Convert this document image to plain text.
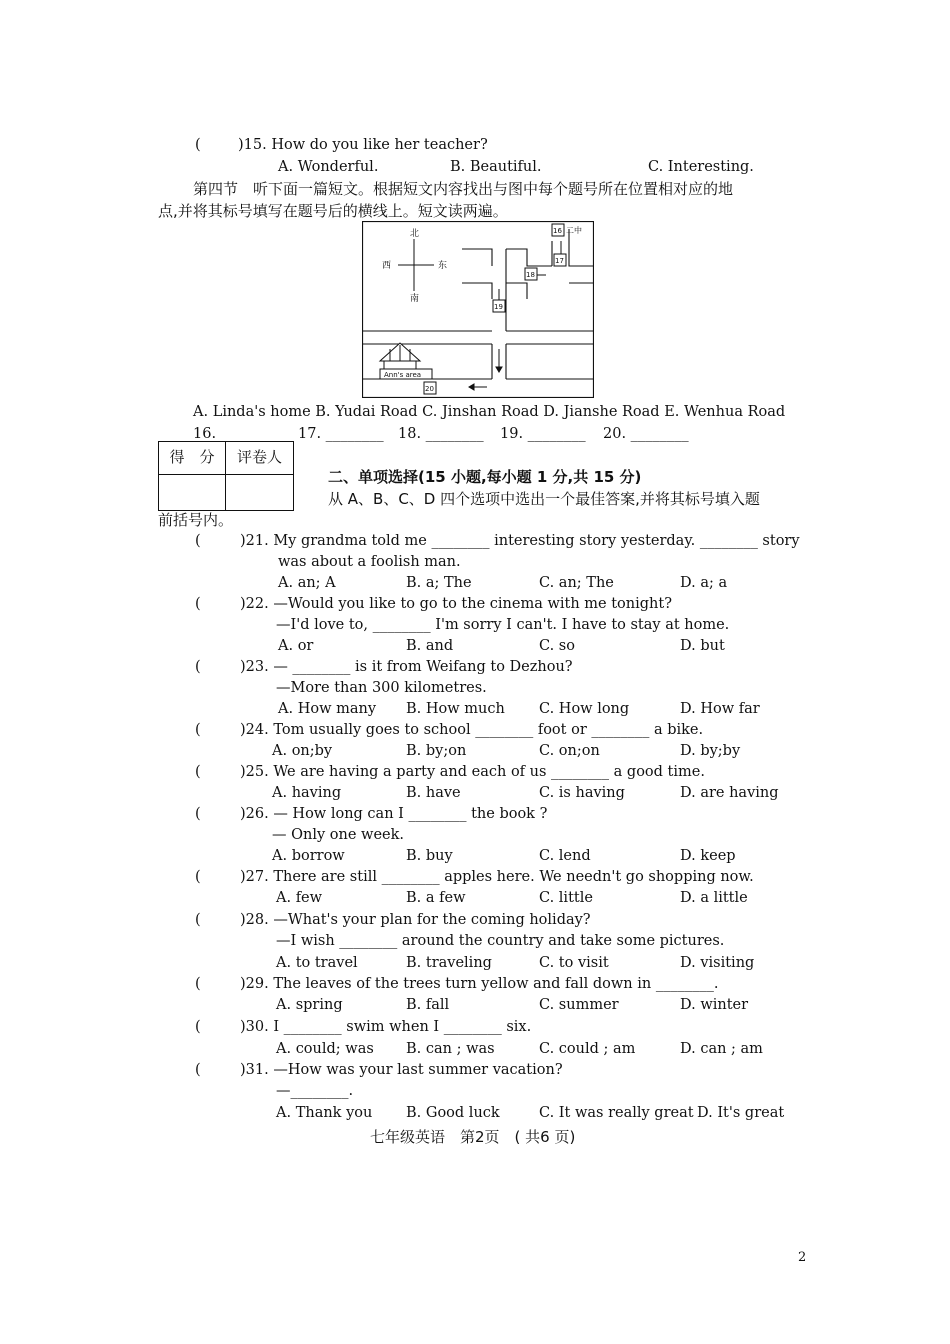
(	)15. How do you like her teacher?
A. Wonderful.	B. Beautiful.	C. Interesting.
第四节　听下面一篇短文。根据短文内容找出与图中每个题号所在位置相对应的地
点,并将其标号填写在题号后的横线上。短文读两遍。
北
南
西	东
Ann's area
16 二中
17
18
19
20
A. Linda's home B. Yudai Road C. Jinshan Road D. Jianshe Road E. Wenhua Road
16. ________ 17. ________ 18. ________ 19. ________ 20. ________
得　分	评卷人
二、单项选择(15 小题,每小题 1 分,共 15 分)
从 A、B、C、D 四个选项中选出一个最佳答案,并将其标号填入题
前括号内。
(	)21. My grandma told me ________ interesting story yesterday. ________ story
was about a foolish man.
A. an; A	B. a; The	C. an; The	D. a; a
(	)22. —Would you like to go to the cinema with me tonight?
—I'd love to, ________ I'm sorry I can't. I have to stay at home.
A. or	B. and	C. so	D. but
(	)23. — ________ is it from Weifang to Dezhou?
—More than 300 kilometres.
A. How many B. How much C. How long	D. How far
(	)24. Tom usually goes to school ________ foot or ________ a bike.
A. on;by	B. by;on	C. on;on	D. by;by
(	)25. We are having a party and each of us ________ a good time.
A. having	B. have	C. is having	D. are having
(	)26. — How long can I ________ the book ?
— Only one week.
A. borrow	B. buy	C. lend	D. keep
(	)27. There are still ________ apples here. We needn't go shopping now.
A. few	B. a few	C. little	D. a little
(	)28. —What's your plan for the coming holiday?
—I wish ________ around the country and take some pictures.
A. to travel	B. traveling	C. to visit	D. visiting
(	)29. The leaves of the trees turn yellow and fall down in ________.
A. spring	B. fall	C. summer	D. winter
(	)30. I ________ swim when I ________ six.
A. could; was B. can ; was	C. could ; am	D. can ; am
(	)31. —How was your last summer vacation?
—________.
A. Thank you B. Good luck	C. It was really great D. It's great
七年级英语　第2页　( 共6 页)
2
